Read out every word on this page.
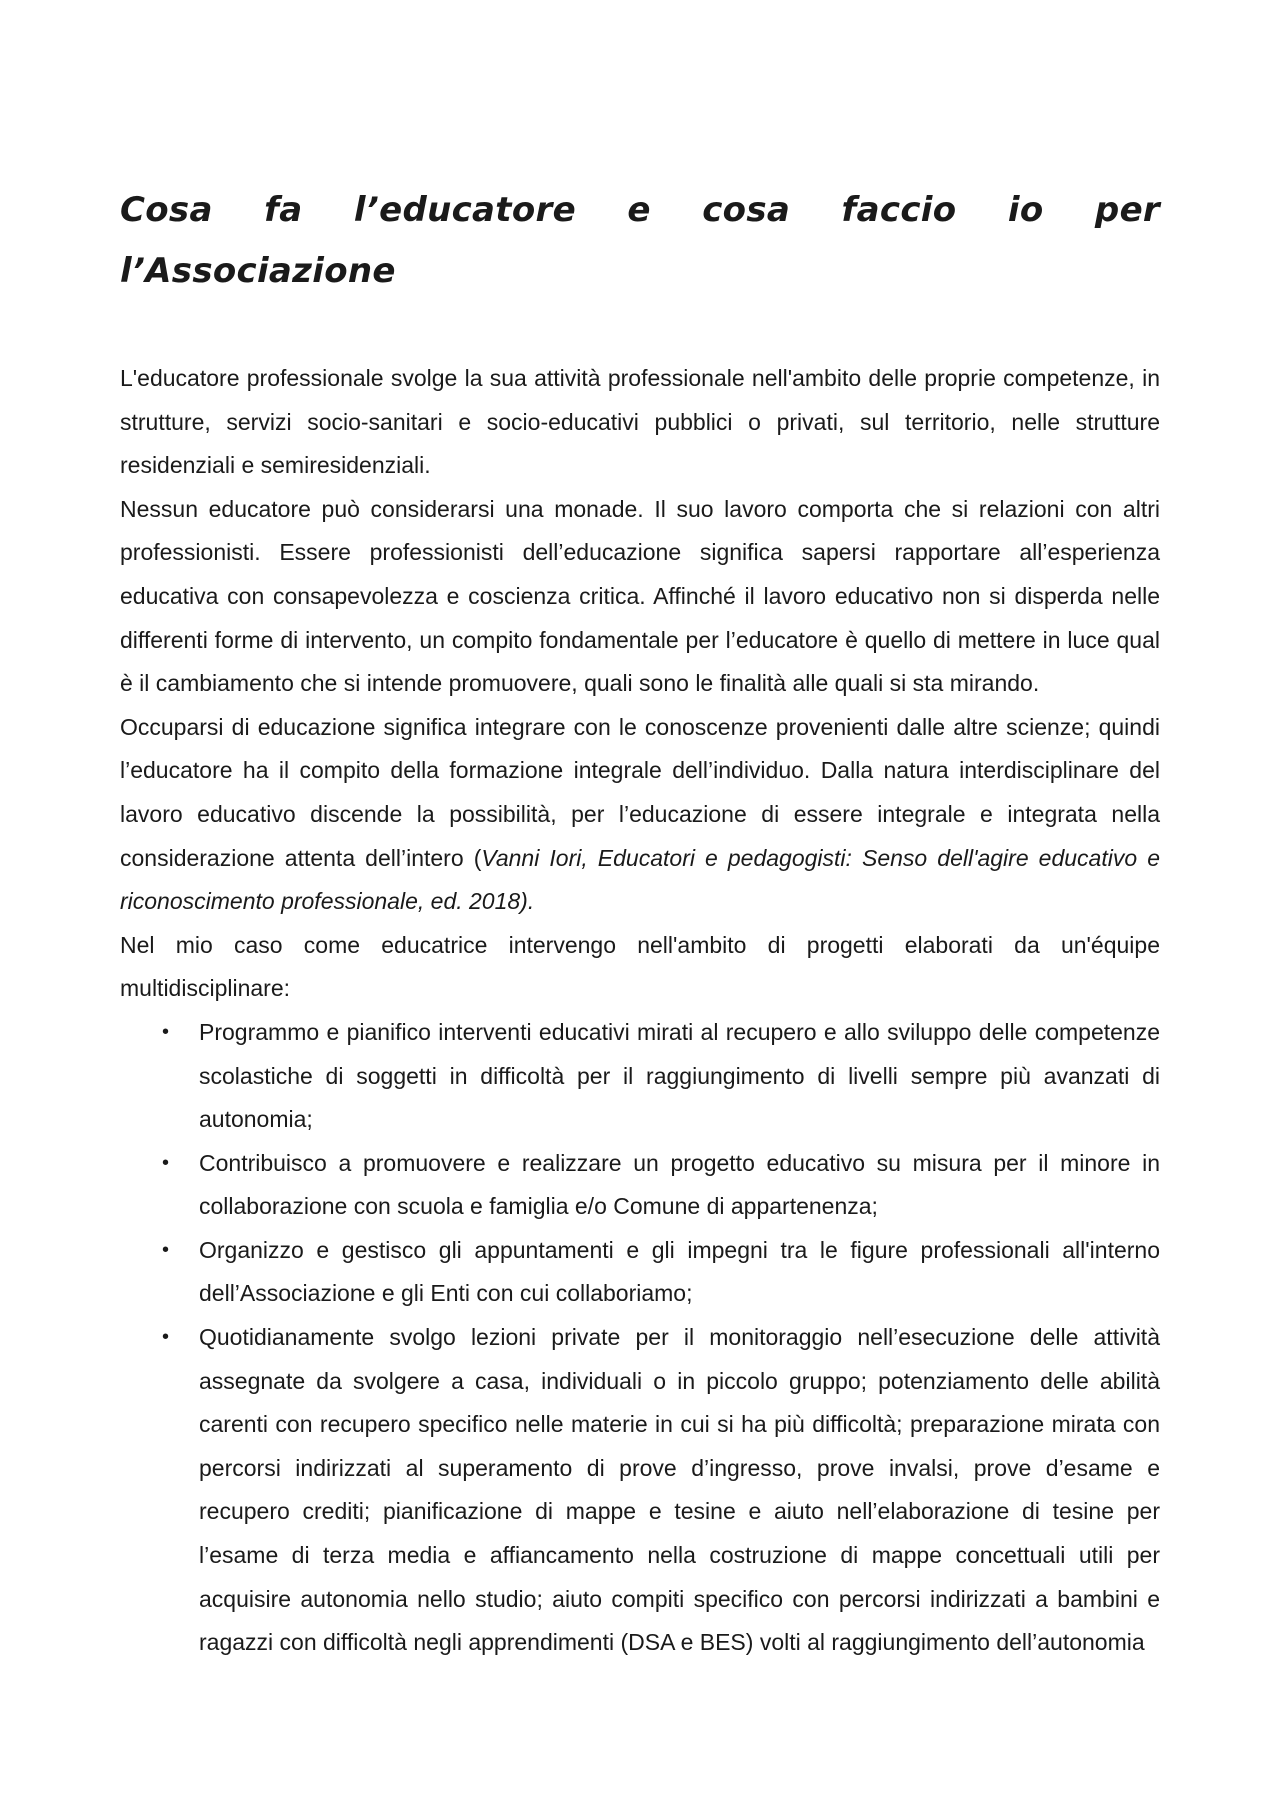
Cosa fa l’educatore e cosa faccio io per
l’Associazione

L'educatore professionale svolge la sua attività professionale nell'ambito delle proprie competenze, in strutture, servizi socio-sanitari e socio-educativi pubblici o privati, sul territorio, nelle strutture residenziali e semiresidenziali.

Nessun educatore può considerarsi una monade. Il suo lavoro comporta che si relazioni con altri professionisti. Essere professionisti dell’educazione significa sapersi rapportare all’esperienza educativa con consapevolezza e coscienza critica. Affinché il lavoro educativo non si disperda nelle differenti forme di intervento, un compito fondamentale per l’educatore è quello di mettere in luce qual è il cambiamento che si intende promuovere, quali sono le finalità alle quali si sta mirando.

Occuparsi di educazione significa integrare con le conoscenze provenienti dalle altre scienze; quindi l’educatore ha il compito della formazione integrale dell’individuo. Dalla natura interdisciplinare del lavoro educativo discende la possibilità, per l’educazione di essere integrale e integrata nella considerazione attenta dell’intero (Vanni Iori, Educatori e pedagogisti: Senso dell'agire educativo e riconoscimento professionale, ed. 2018).

Nel mio caso come educatrice intervengo nell'ambito di progetti elaborati da un'équipe multidisciplinare:

• Programmo e pianifico interventi educativi mirati al recupero e allo sviluppo delle competenze scolastiche di soggetti in difficoltà per il raggiungimento di livelli sempre più avanzati di autonomia;
• Contribuisco a promuovere e realizzare un progetto educativo su misura per il minore in collaborazione con scuola e famiglia e/o Comune di appartenenza;
• Organizzo e gestisco gli appuntamenti e gli impegni tra le figure professionali all'interno dell’Associazione e gli Enti con cui collaboriamo;
• Quotidianamente svolgo lezioni private per il monitoraggio nell’esecuzione delle attività assegnate da svolgere a casa, individuali o in piccolo gruppo; potenziamento delle abilità carenti con recupero specifico nelle materie in cui si ha più difficoltà; preparazione mirata con percorsi indirizzati al superamento di prove d’ingresso, prove invalsi, prove d’esame e recupero crediti; pianificazione di mappe e tesine e aiuto nell’elaborazione di tesine per l’esame di terza media e affiancamento nella costruzione di mappe concettuali utili per acquisire autonomia nello studio; aiuto compiti specifico con percorsi indirizzati a bambini e ragazzi con difficoltà negli apprendimenti (DSA e BES) volti al raggiungimento dell’autonomia
